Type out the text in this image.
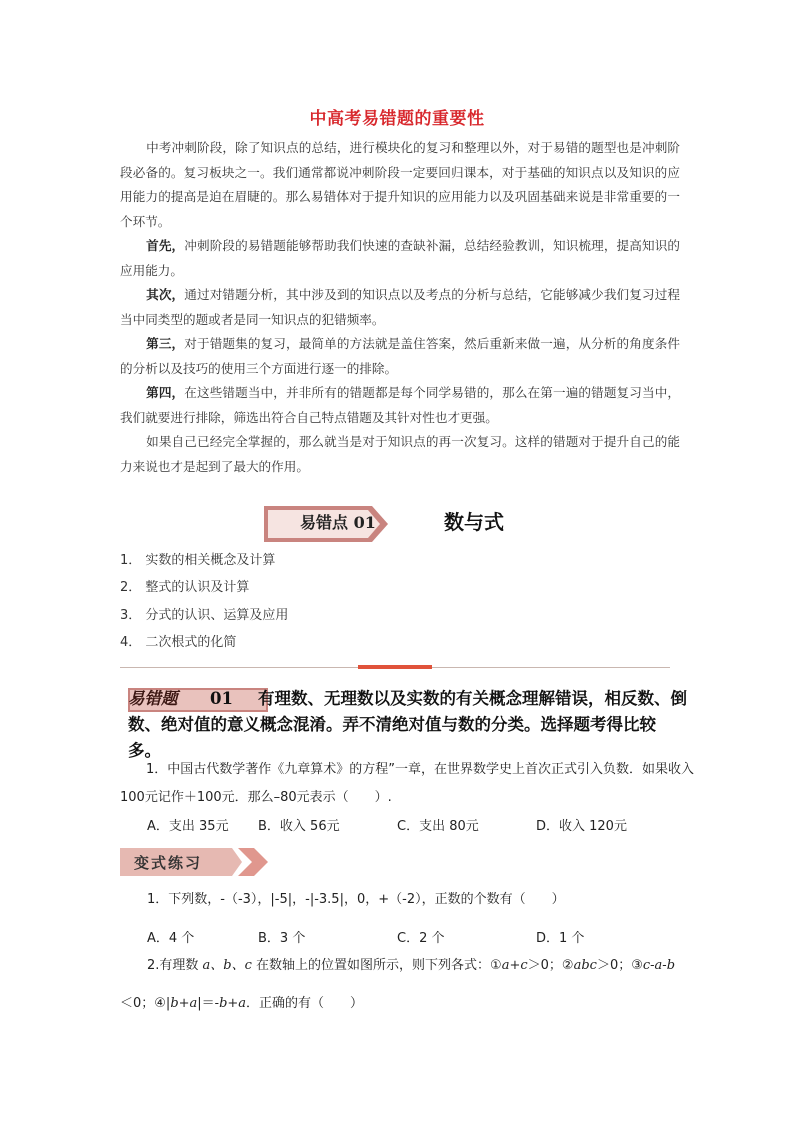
中高考易错题的重要性
中考冲刺阶段，除了知识点的总结，进行模块化的复习和整理以外，对于易错的题型也是冲刺阶段必备的。复习板块之一。我们通常都说冲刺阶段一定要回归课本，对于基础的知识点以及知识的应用能力的提高是迫在眉睫的。那么易错体对于提升知识的应用能力以及巩固基础来说是非常重要的一个环节。
首先，冲刺阶段的易错题能够帮助我们快速的查缺补漏，总结经验教训，知识梳理，提高知识的应用能力。
其次，通过对错题分析，其中涉及到的知识点以及考点的分析与总结，它能够减少我们复习过程当中同类型的题或者是同一知识点的犯错频率。
第三，对于错题集的复习，最简单的方法就是盖住答案，然后重新来做一遍，从分析的角度条件的分析以及技巧的使用三个方面进行逐一的排除。
第四，在这些错题当中，并非所有的错题都是每个同学易错的，那么在第一遍的错题复习当中，我们就要进行排除，筛选出符合自己特点错题及其针对性也才更强。
如果自己已经完全掌握的，那么就当是对于知识点的再一次复习。这样的错题对于提升自己的能力来说也才是起到了最大的作用。
易错点 01	数与式
1． 实数的相关概念及计算
2． 整式的认识及计算
3． 分式的认识、运算及应用
4． 二次根式的化简
易错题 01 有理数、无理数以及实数的有关概念理解错误，相反数、倒数、绝对值的意义概念混淆。弄不清绝对值与数的分类。选择题考得比较多。
1．中国古代数学著作《九章算术》的方程”一章，在世界数学史上首次正式引入负数．如果收入 100元记作＋100元．那么–80元表示（　　）.
A．支出 35元 B．收入 56元	C．支出 80元	D．收入 120元
变式练习
1．下列数，-（-3），|-5|，-|-3.5|，0，+（-2），正数的个数有（　　）
A．4 个	B．3 个	C．2 个	D．1 个
2.有理数 a、b、c 在数轴上的位置如图所示，则下列各式：①a+c＞0；②abc＞0；③c-a-b
＜0；④|b+a|＝-b+a．正确的有（　　）
